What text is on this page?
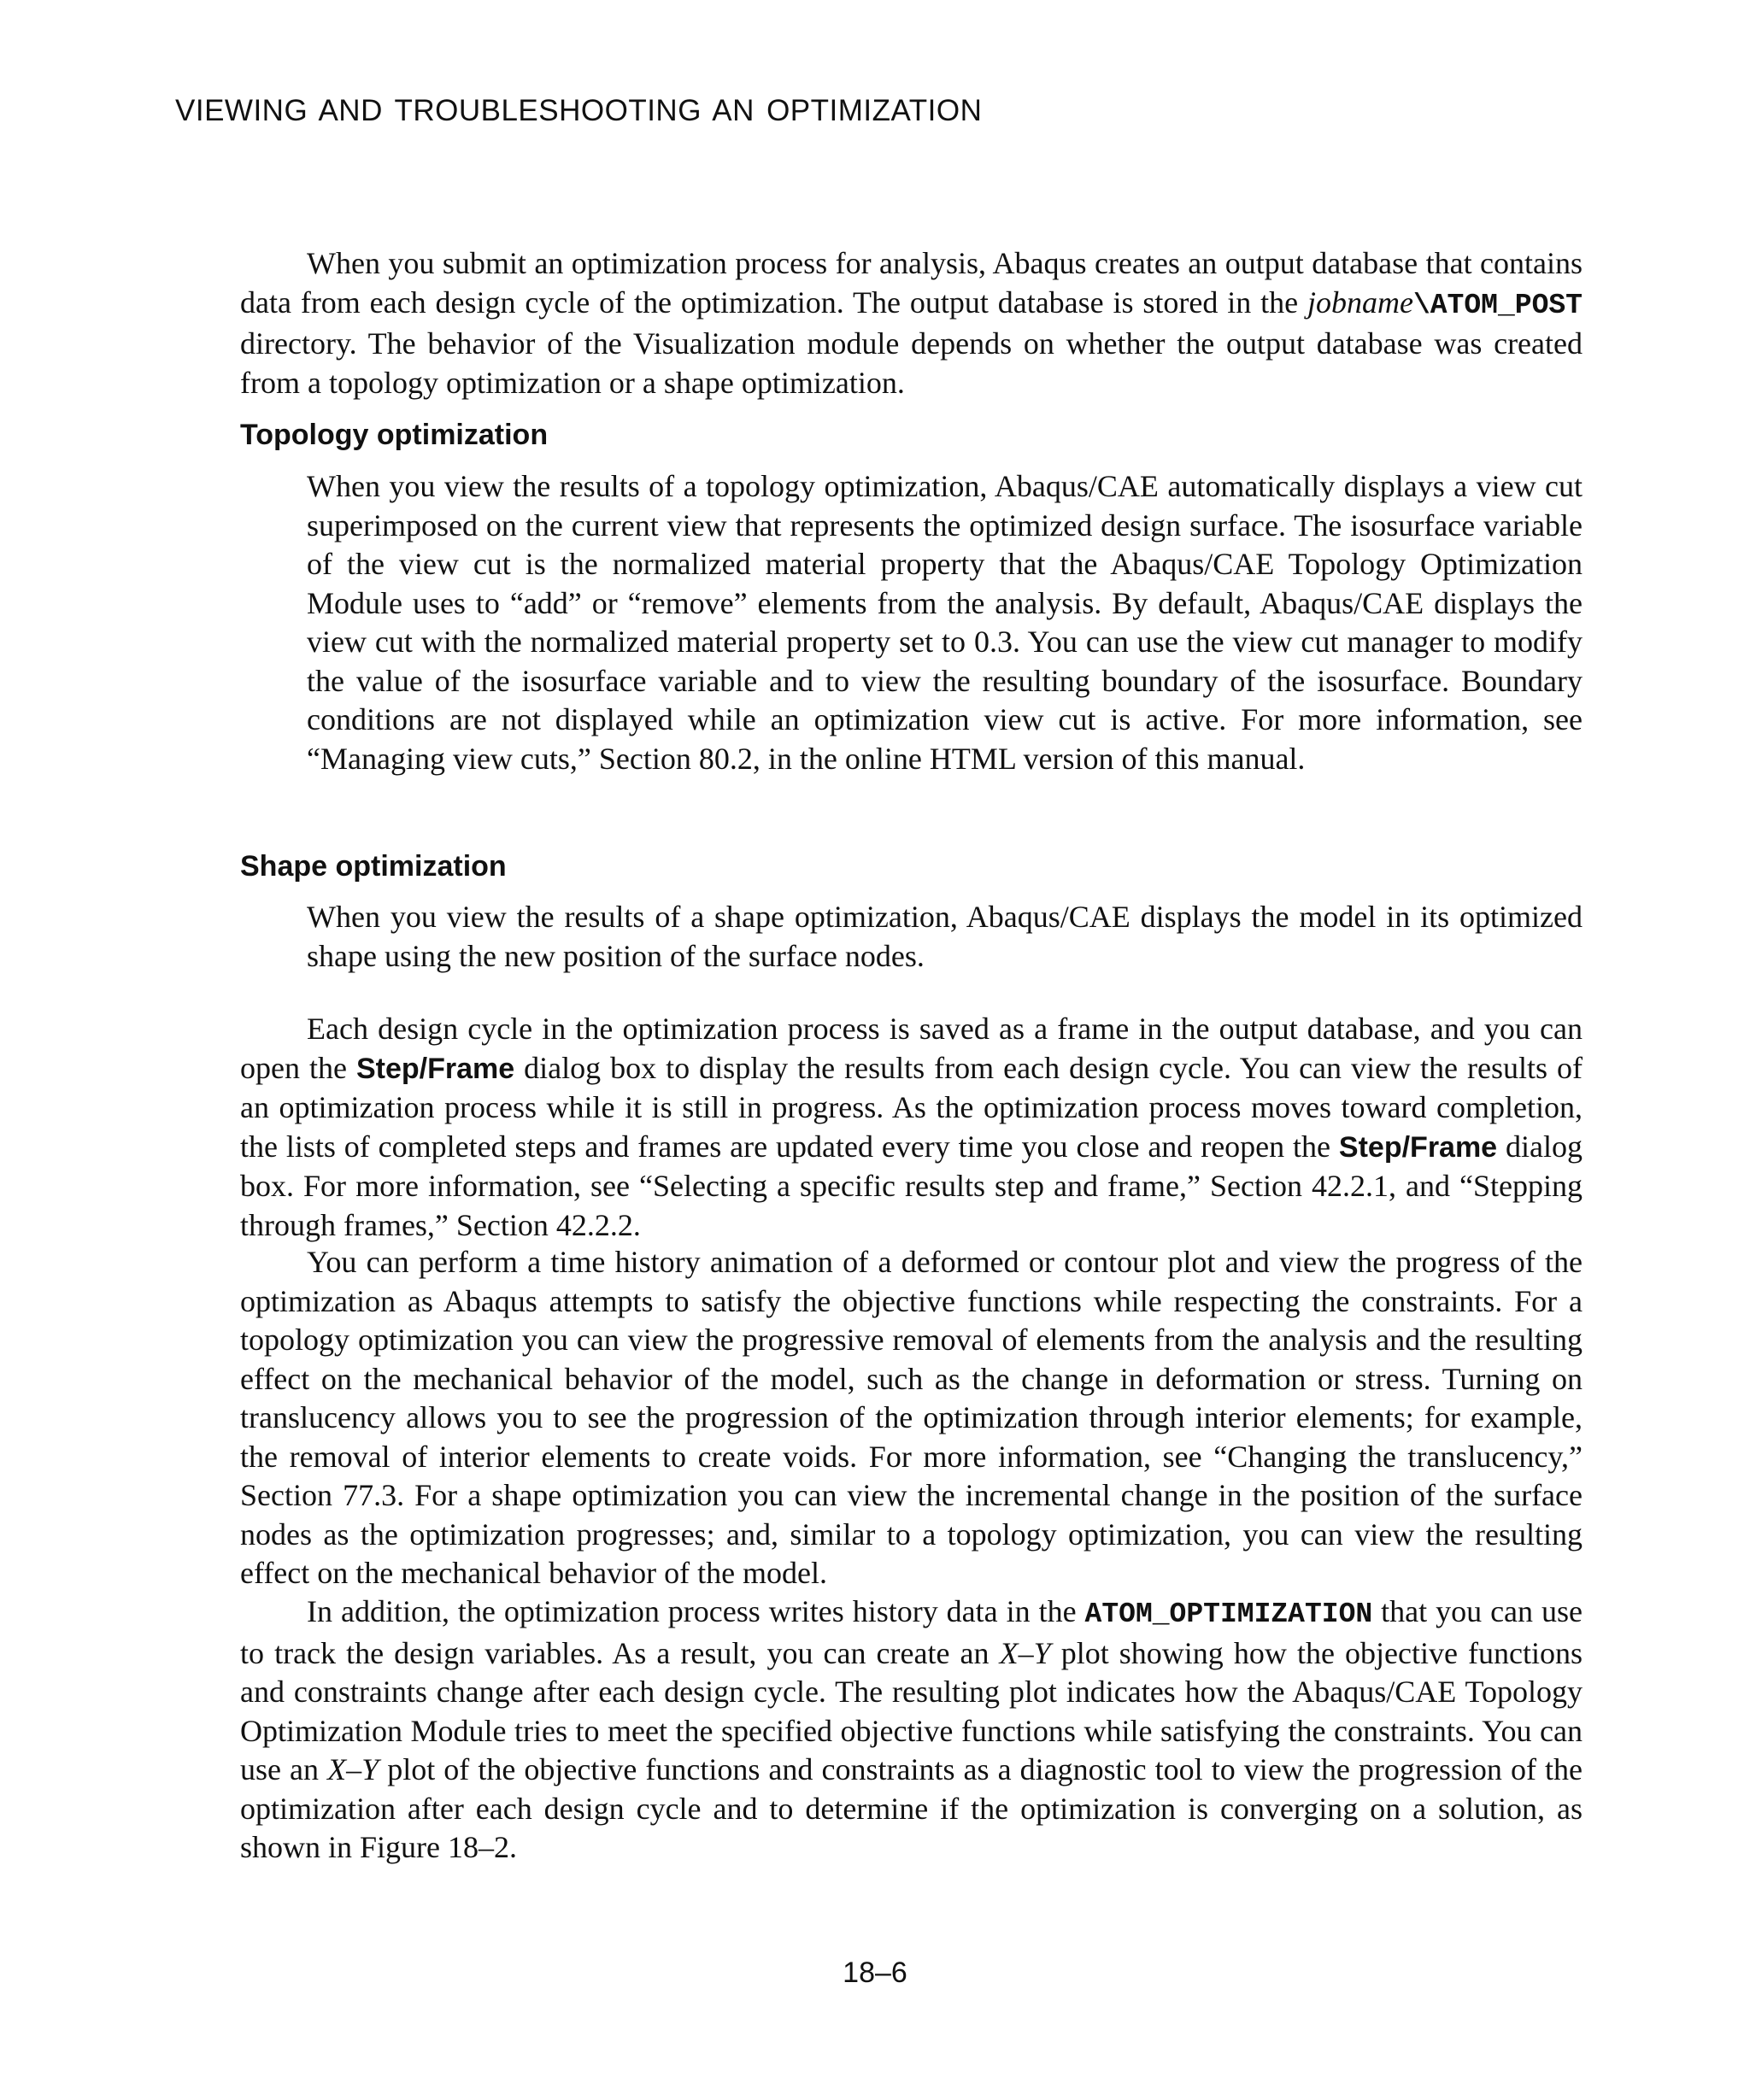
VIEWING AND TROUBLESHOOTING AN OPTIMIZATION

When you submit an optimization process for analysis, Abaqus creates an output database that contains data from each design cycle of the optimization. The output database is stored in the jobname\ATOM_POST directory. The behavior of the Visualization module depends on whether the output database was created from a topology optimization or a shape optimization.

Topology optimization

When you view the results of a topology optimization, Abaqus/CAE automatically displays a view cut superimposed on the current view that represents the optimized design surface. The isosurface variable of the view cut is the normalized material property that the Abaqus/CAE Topology Optimization Module uses to “add” or “remove” elements from the analysis. By default, Abaqus/CAE displays the view cut with the normalized material property set to 0.3. You can use the view cut manager to modify the value of the isosurface variable and to view the resulting boundary of the isosurface. Boundary conditions are not displayed while an optimization view cut is active. For more information, see “Managing view cuts,” Section 80.2, in the online HTML version of this manual.

Shape optimization

When you view the results of a shape optimization, Abaqus/CAE displays the model in its optimized shape using the new position of the surface nodes.

Each design cycle in the optimization process is saved as a frame in the output database, and you can open the Step/Frame dialog box to display the results from each design cycle. You can view the results of an optimization process while it is still in progress. As the optimization process moves toward completion, the lists of completed steps and frames are updated every time you close and reopen the Step/Frame dialog box. For more information, see “Selecting a specific results step and frame,” Section 42.2.1, and “Stepping through frames,” Section 42.2.2.

You can perform a time history animation of a deformed or contour plot and view the progress of the optimization as Abaqus attempts to satisfy the objective functions while respecting the constraints. For a topology optimization you can view the progressive removal of elements from the analysis and the resulting effect on the mechanical behavior of the model, such as the change in deformation or stress. Turning on translucency allows you to see the progression of the optimization through interior elements; for example, the removal of interior elements to create voids. For more information, see “Changing the translucency,” Section 77.3. For a shape optimization you can view the incremental change in the position of the surface nodes as the optimization progresses; and, similar to a topology optimization, you can view the resulting effect on the mechanical behavior of the model.

In addition, the optimization process writes history data in the ATOM_OPTIMIZATION that you can use to track the design variables. As a result, you can create an X–Y plot showing how the objective functions and constraints change after each design cycle. The resulting plot indicates how the Abaqus/CAE Topology Optimization Module tries to meet the specified objective functions while satisfying the constraints. You can use an X–Y plot of the objective functions and constraints as a diagnostic tool to view the progression of the optimization after each design cycle and to determine if the optimization is converging on a solution, as shown in Figure 18–2.

18–6
